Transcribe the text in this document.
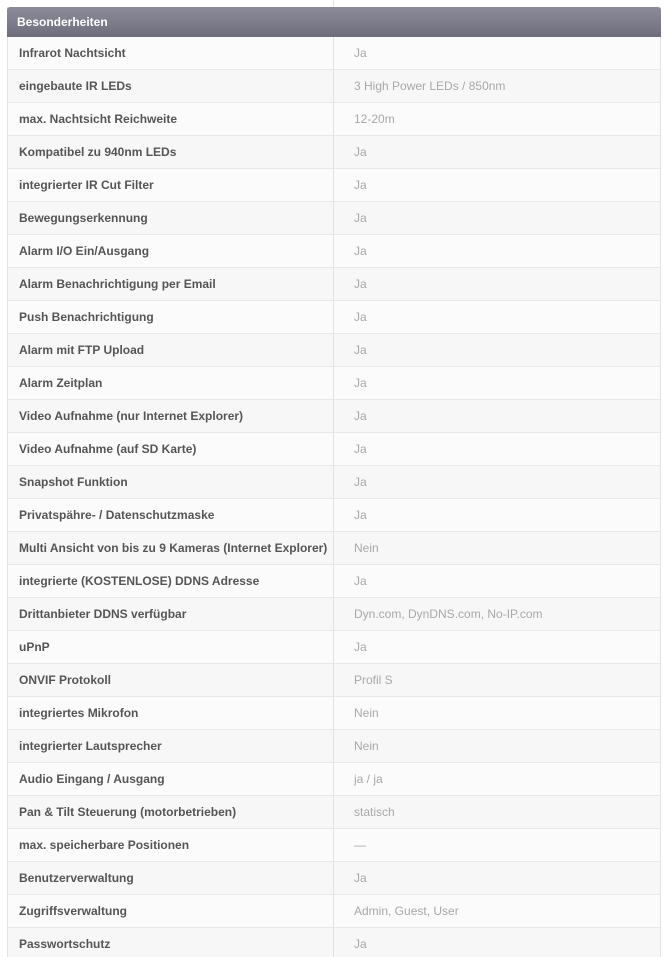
Besonderheiten
Infrarot Nachtsicht	Ja
eingebaute IR LEDs	3 High Power LEDs / 850nm
max. Nachtsicht Reichweite	12-20m
Kompatibel zu 940nm LEDs	Ja
integrierter IR Cut Filter	Ja
Bewegungserkennung	Ja
Alarm I/O Ein/Ausgang	Ja
Alarm Benachrichtigung per Email	Ja
Push Benachrichtigung	Ja
Alarm mit FTP Upload	Ja
Alarm Zeitplan	Ja
Video Aufnahme (nur Internet Explorer)	Ja
Video Aufnahme (auf SD Karte)	Ja
Snapshot Funktion	Ja
Privatspähre- / Datenschutzmaske	Ja
Multi Ansicht von bis zu 9 Kameras (Internet Explorer)	Nein
integrierte (KOSTENLOSE) DDNS Adresse	Ja
Drittanbieter DDNS verfügbar	Dyn.com, DynDNS.com, No-IP.com
uPnP	Ja
ONVIF Protokoll	Profil S
integriertes Mikrofon	Nein
integrierter Lautsprecher	Nein
Audio Eingang / Ausgang	ja / ja
Pan & Tilt Steuerung (motorbetrieben)	statisch
max. speicherbare Positionen	—
Benutzerverwaltung	Ja
Zugriffsverwaltung	Admin, Guest, User
Passwortschutz	Ja
